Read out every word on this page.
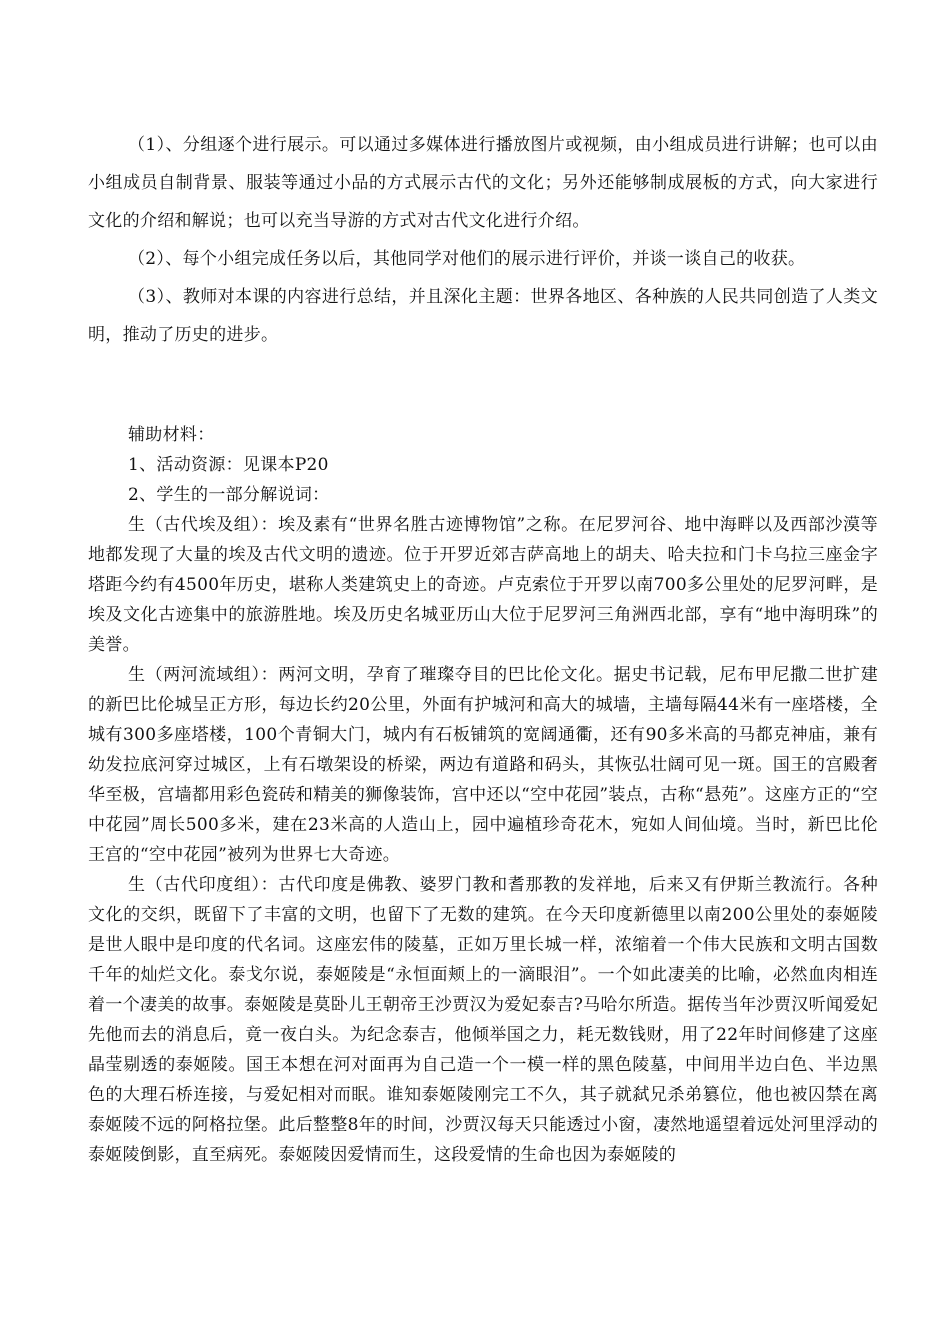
（1）、分组逐个进行展示。可以通过多媒体进行播放图片或视频，由小组成员进行讲解；也可以由小组成员自制背景、服装等通过小品的方式展示古代的文化；另外还能够制成展板的方式，向大家进行文化的介绍和解说；也可以充当导游的方式对古代文化进行介绍。

（2）、每个小组完成任务以后，其他同学对他们的展示进行评价，并谈一谈自己的收获。

（3）、教师对本课的内容进行总结，并且深化主题：世界各地区、各种族的人民共同创造了人类文明，推动了历史的进步。

辅助材料：

1、活动资源：见课本P20

2、学生的一部分解说词：

生（古代埃及组）：埃及素有“世界名胜古迹博物馆”之称。在尼罗河谷、地中海畔以及西部沙漠等地都发现了大量的埃及古代文明的遗迹。位于开罗近郊吉萨高地上的胡夫、哈夫拉和门卡乌拉三座金字塔距今约有4500年历史，堪称人类建筑史上的奇迹。卢克索位于开罗以南700多公里处的尼罗河畔，是埃及文化古迹集中的旅游胜地。埃及历史名城亚历山大位于尼罗河三角洲西北部，享有“地中海明珠”的美誉。

生（两河流域组）：两河文明，孕育了璀璨夺目的巴比伦文化。据史书记载，尼布甲尼撒二世扩建的新巴比伦城呈正方形，每边长约20公里，外面有护城河和高大的城墙，主墙每隔44米有一座塔楼，全城有300多座塔楼，100个青铜大门，城内有石板铺筑的宽阔通衢，还有90多米高的马都克神庙，兼有幼发拉底河穿过城区，上有石墩架设的桥梁，两边有道路和码头，其恢弘壮阔可见一斑。国王的宫殿奢华至极，宫墙都用彩色瓷砖和精美的狮像装饰，宫中还以“空中花园”装点，古称“悬苑”。这座方正的“空中花园”周长500多米，建在23米高的人造山上，园中遍植珍奇花木，宛如人间仙境。当时，新巴比伦王宫的“空中花园”被列为世界七大奇迹。

生（古代印度组）：古代印度是佛教、婆罗门教和耆那教的发祥地，后来又有伊斯兰教流行。各种文化的交织，既留下了丰富的文明，也留下了无数的建筑。在今天印度新德里以南200公里处的泰姬陵是世人眼中是印度的代名词。这座宏伟的陵墓，正如万里长城一样，浓缩着一个伟大民族和文明古国数千年的灿烂文化。泰戈尔说，泰姬陵是“永恒面颊上的一滴眼泪”。一个如此凄美的比喻，必然血肉相连着一个凄美的故事。泰姬陵是莫卧儿王朝帝王沙贾汉为爱妃泰吉?马哈尔所造。据传当年沙贾汉听闻爱妃先他而去的消息后，竟一夜白头。为纪念泰吉，他倾举国之力，耗无数钱财，用了22年时间修建了这座晶莹剔透的泰姬陵。国王本想在河对面再为自己造一个一模一样的黑色陵墓，中间用半边白色、半边黑色的大理石桥连接，与爱妃相对而眠。谁知泰姬陵刚完工不久，其子就弑兄杀弟篡位，他也被囚禁在离泰姬陵不远的阿格拉堡。此后整整8年的时间，沙贾汉每天只能透过小窗，凄然地遥望着远处河里浮动的泰姬陵倒影，直至病死。泰姬陵因爱情而生，这段爱情的生命也因为泰姬陵的
